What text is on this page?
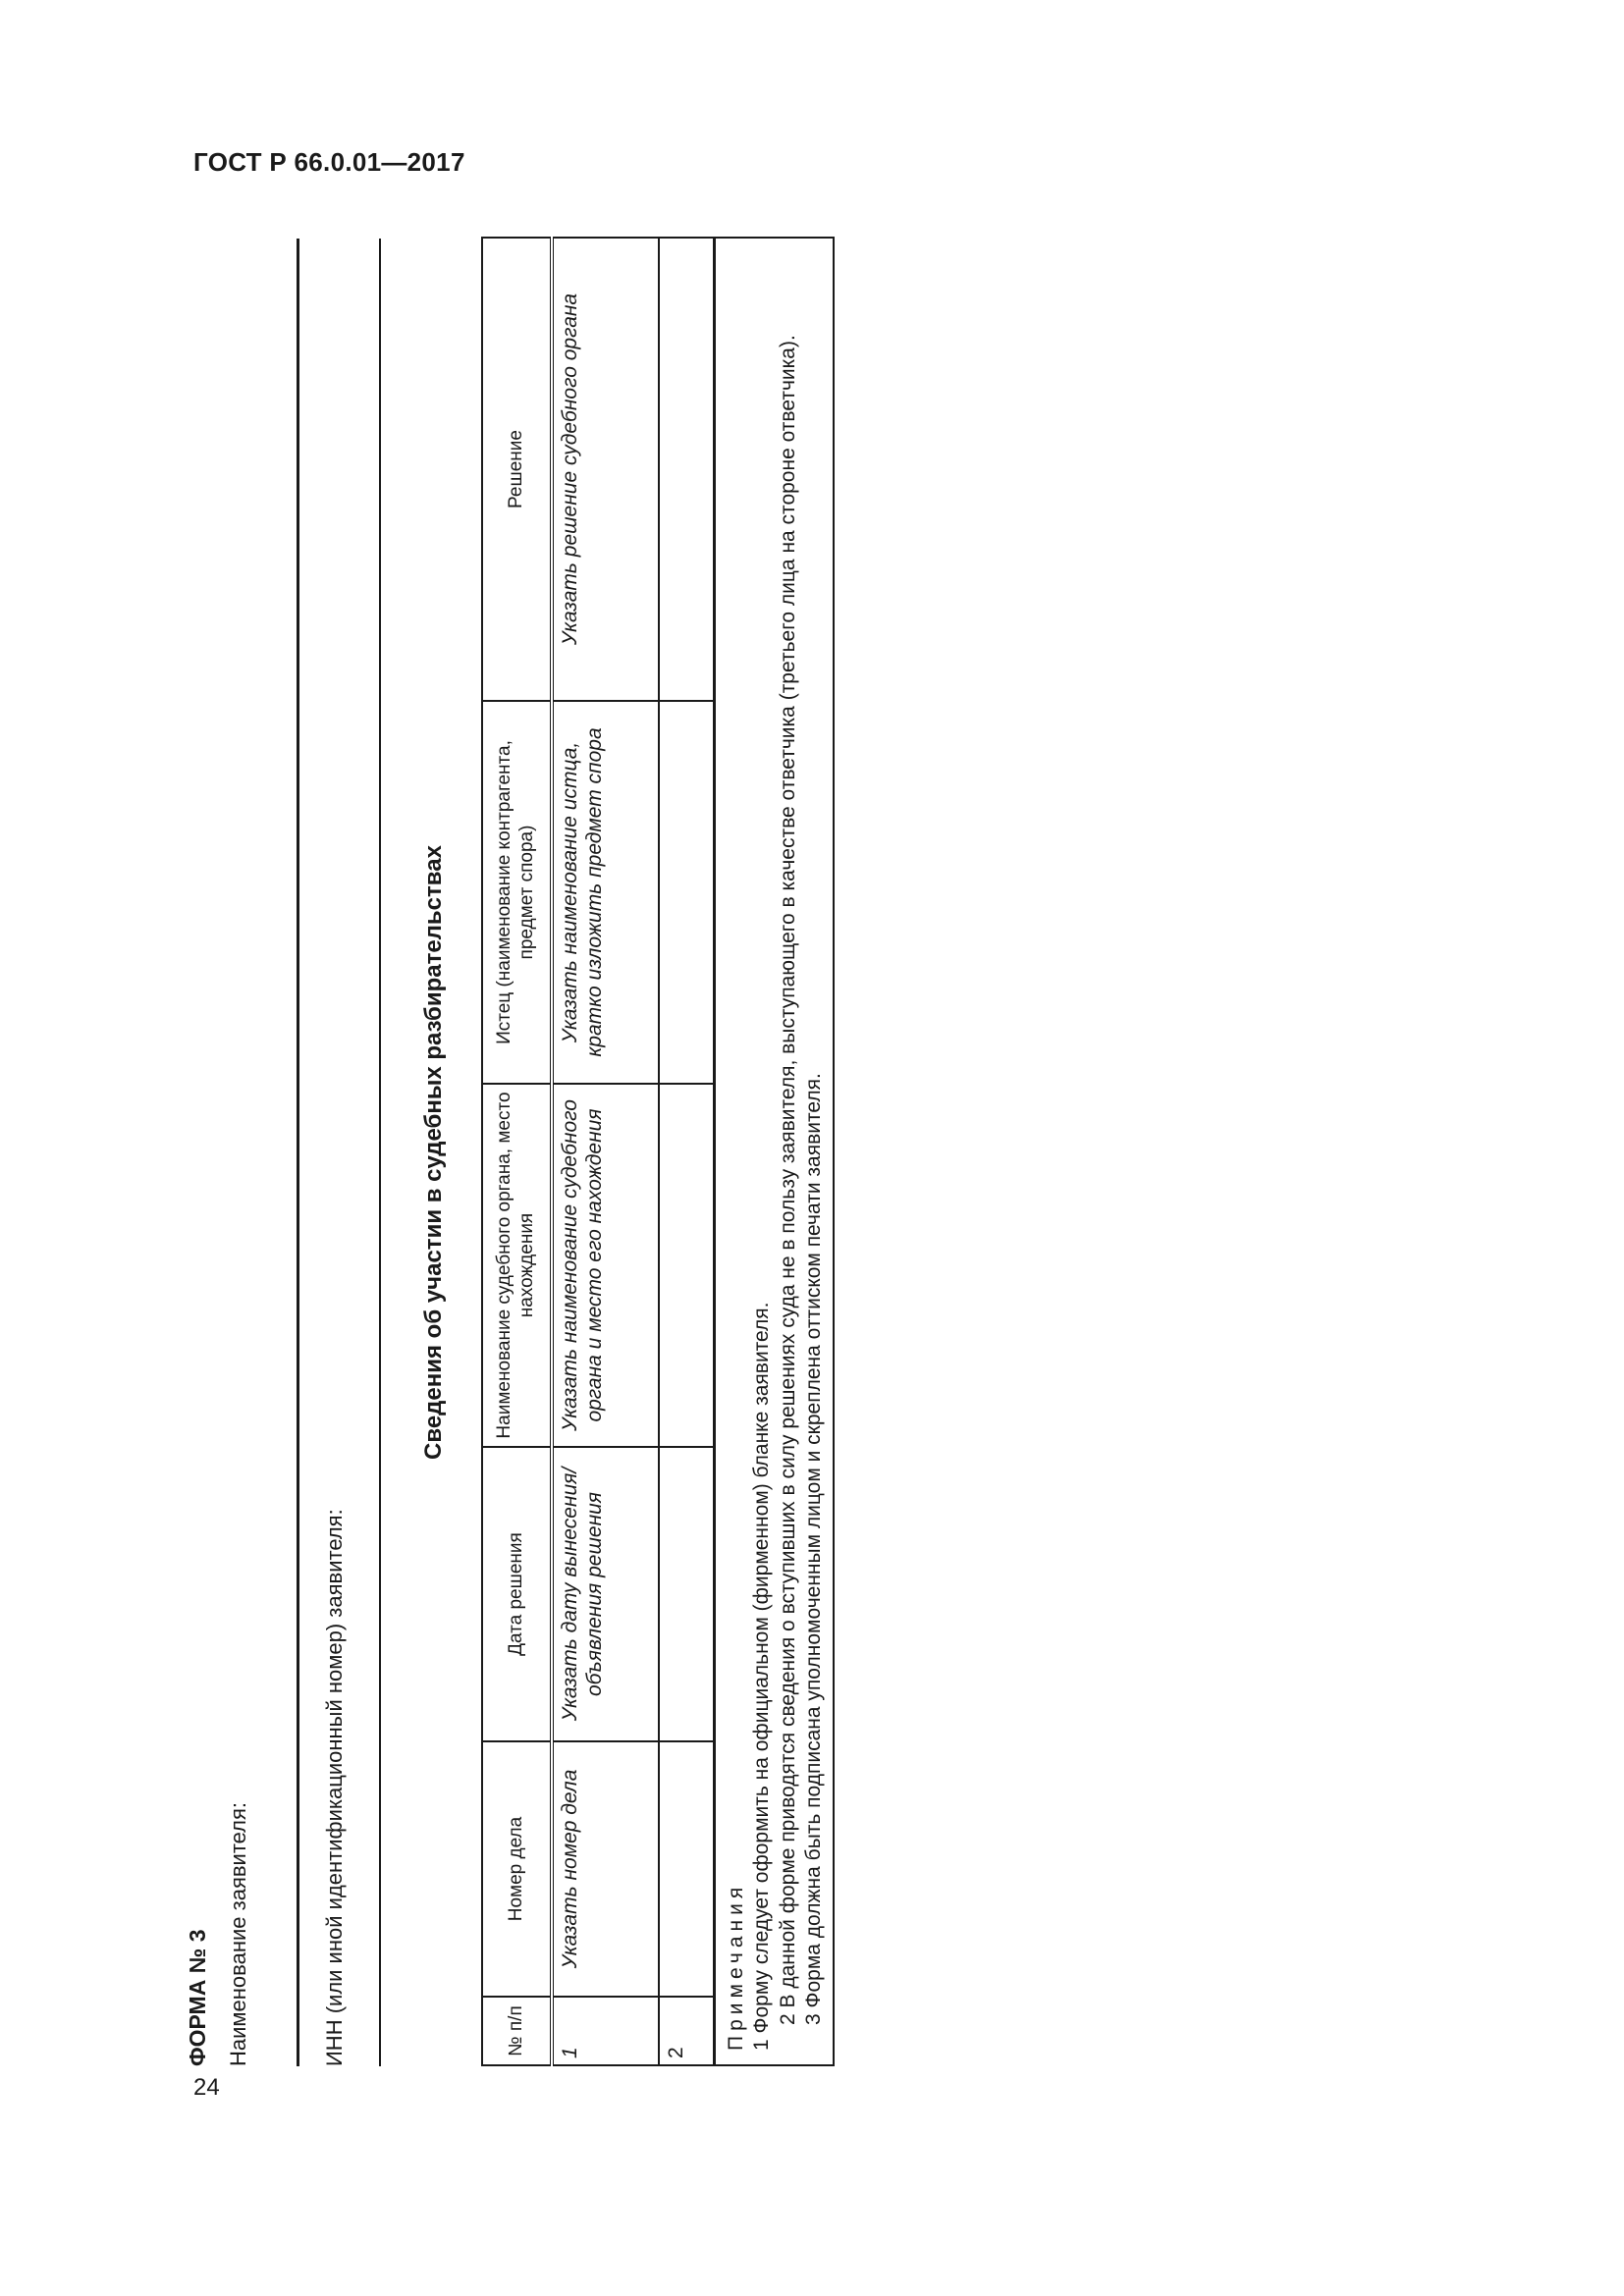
ГОСТ Р 66.0.01—2017
ФОРМА № 3 Наименование заявителя:	ИНН (или иной идентификационный номер) заявителя:
Сведения об участии в судебных разбирательствах
№ п/п	Номер дела	Дата решения	Наименование судебного органа, место нахождения	Истец (наименование контрагента, предмет спора)	Решение
1	Указать номер дела	Указать дату вынесения/ объявления решения	Указать наименование судебного органа и место его нахождения	Указать наименование истца, кратко изложить предмет спора	Указать решение судебного органа
2					

Примечания 1 Форму следует оформить на официальном (фирменном) бланке заявителя. 2 В данной форме приводятся сведения о вступивших в силу решениях суда не в пользу заявителя, выступающего в качестве ответчика (третьего лица на стороне ответчика). 3 Форма должна быть подписана уполномоченным лицом и скреплена оттиском печати заявителя.					
24
